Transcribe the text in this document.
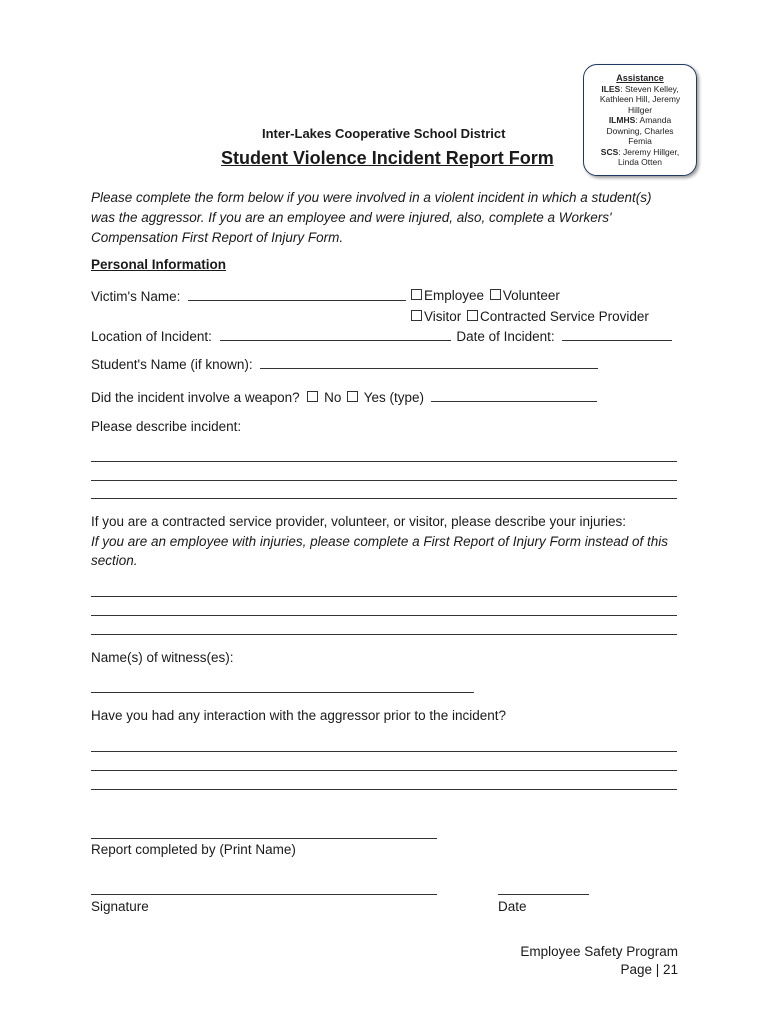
Assistance
ILES: Steven Kelley,
Kathleen Hill, Jeremy
Hillger
ILMHS: Amanda
Downing, Charles
Femia
SCS: Jeremy Hillger,
Linda Otten
Inter-Lakes Cooperative School District
Student Violence Incident Report Form
Please complete the form below if you were involved in a violent incident in which a student(s)
was the aggressor. If you are an employee and were injured, also, complete a Workers'
Compensation First Report of Injury Form.
Personal Information
Victim's Name:	Employee Volunteer
Visitor Contracted Service Provider
Location of Incident:	Date of Incident:
Student's Name (if known):
Did the incident involve a weapon? No Yes (type)
Please describe incident:
If you are a contracted service provider, volunteer, or visitor, please describe your injuries:
If you are an employee with injuries, please complete a First Report of Injury Form instead of this
section.
Name(s) of witness(es):
Have you had any interaction with the aggressor prior to the incident?
Report completed by (Print Name)
Signature	Date
Employee Safety Program
Page | 21
